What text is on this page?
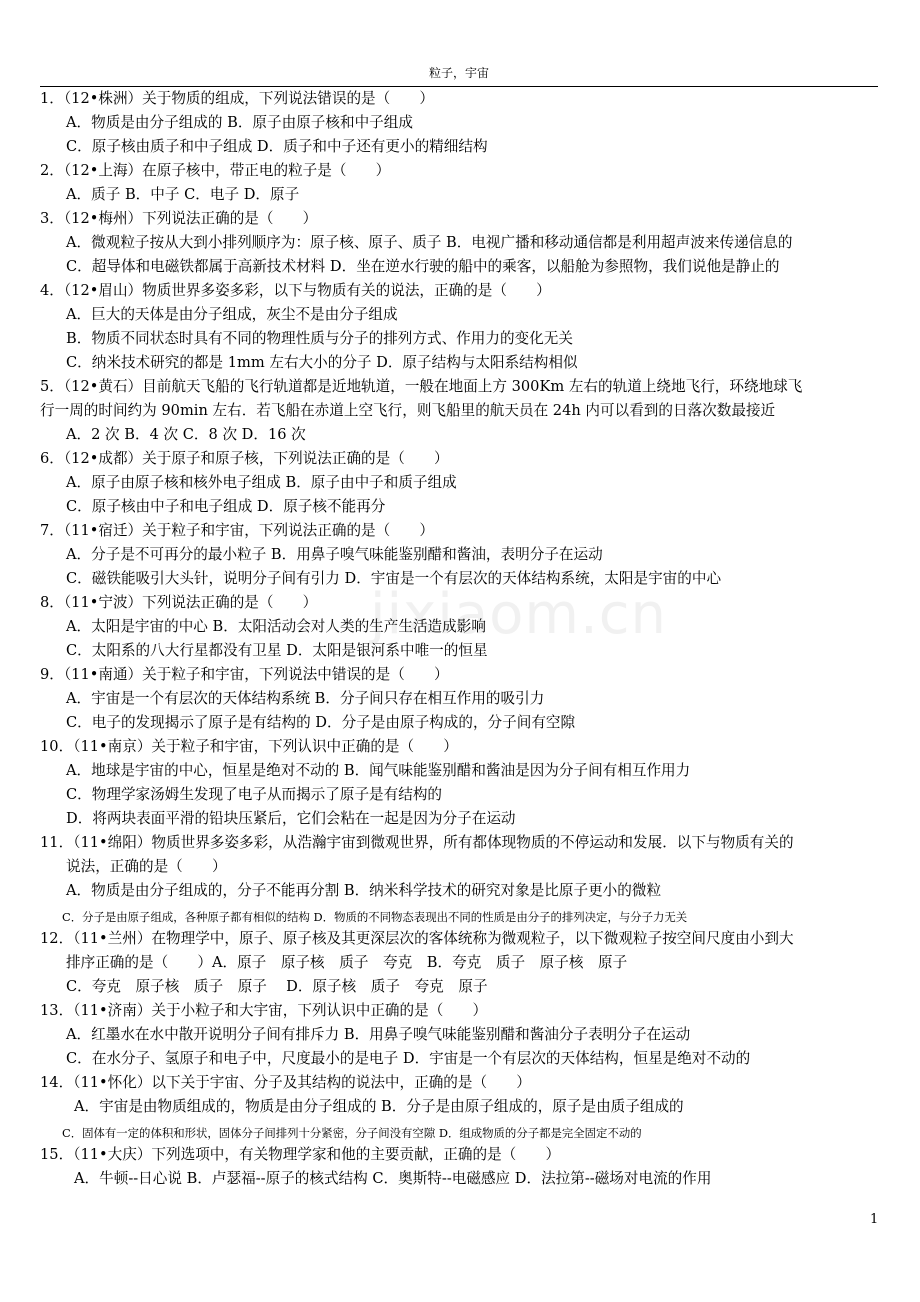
jixiaom.cn
粒子，宇宙
1．（12•株洲）关于物质的组成，下列说法错误的是（　　）
A．物质是由分子组成的 B．原子由原子核和中子组成
C．原子核由质子和中子组成 D．质子和中子还有更小的精细结构
2．（12•上海）在原子核中，带正电的粒子是（　　）
A．质子 B．中子 C．电子 D．原子
3．（12•梅州）下列说法正确的是（　　）
A．微观粒子按从大到小排列顺序为：原子核、原子、质子 B．电视广播和移动通信都是利用超声波来传递信息的
C．超导体和电磁铁都属于高新技术材料 D．坐在逆水行驶的船中的乘客，以船舱为参照物，我们说他是静止的
4．（12•眉山）物质世界多姿多彩，以下与物质有关的说法，正确的是（　　）
A．巨大的天体是由分子组成，灰尘不是由分子组成
B．物质不同状态时具有不同的物理性质与分子的排列方式、作用力的变化无关
C．纳米技术研究的都是 1mm 左右大小的分子 D．原子结构与太阳系结构相似
5．（12•黄石）目前航天飞船的飞行轨道都是近地轨道，一般在地面上方 300Km 左右的轨道上绕地飞行，环绕地球飞
行一周的时间约为 90min 左右．若飞船在赤道上空飞行，则飞船里的航天员在 24h 内可以看到的日落次数最接近
A．2 次 B．4 次 C．8 次 D．16 次
6．（12•成都）关于原子和原子核，下列说法正确的是（　　）
A．原子由原子核和核外电子组成 B．原子由中子和质子组成
C．原子核由中子和电子组成 D．原子核不能再分
7．（11•宿迁）关于粒子和宇宙，下列说法正确的是（　　）
A．分子是不可再分的最小粒子 B．用鼻子嗅气味能鉴别醋和酱油，表明分子在运动
C．磁铁能吸引大头针，说明分子间有引力 D．宇宙是一个有层次的天体结构系统，太阳是宇宙的中心
8．（11•宁波）下列说法正确的是（　　）
A．太阳是宇宙的中心 B．太阳活动会对人类的生产生活造成影响
C．太阳系的八大行星都没有卫星 D．太阳是银河系中唯一的恒星
9．（11•南通）关于粒子和宇宙，下列说法中错误的是（　　）
A．宇宙是一个有层次的天体结构系统 B．分子间只存在相互作用的吸引力
C．电子的发现揭示了原子是有结构的 D．分子是由原子构成的，分子间有空隙
10．（11•南京）关于粒子和宇宙，下列认识中正确的是（　　）
A．地球是宇宙的中心，恒星是绝对不动的 B．闻气味能鉴别醋和酱油是因为分子间有相互作用力
C．物理学家汤姆生发现了电子从而揭示了原子是有结构的
D．将两块表面平滑的铅块压紧后，它们会粘在一起是因为分子在运动
11．（11•绵阳）物质世界多姿多彩，从浩瀚宇宙到微观世界，所有都体现物质的不停运动和发展．以下与物质有关的
说法，正确的是（　　）
A．物质是由分子组成的，分子不能再分割 B．纳米科学技术的研究对象是比原子更小的微粒
C．分子是由原子组成，各种原子都有相似的结构 D．物质的不同物态表现出不同的性质是由分子的排列决定，与分子力无关
12．（11•兰州）在物理学中，原子、原子核及其更深层次的客体统称为微观粒子，以下微观粒子按空间尺度由小到大
排序正确的是（　　）A．原子　原子核　质子　夸克　B．夸克　质子　原子核　原子
C．夸克　原子核　质子　原子　 D．原子核　质子　夸克　原子
13．（11•济南）关于小粒子和大宇宙，下列认识中正确的是（　　）
A．红墨水在水中散开说明分子间有排斥力 B．用鼻子嗅气味能鉴别醋和酱油分子表明分子在运动
C．在水分子、氢原子和电子中，尺度最小的是电子 D．宇宙是一个有层次的天体结构，恒星是绝对不动的
14．（11•怀化）以下关于宇宙、分子及其结构的说法中，正确的是（　　）
A．宇宙是由物质组成的，物质是由分子组成的 B．分子是由原子组成的，原子是由质子组成的
C．固体有一定的体积和形状，固体分子间排列十分紧密，分子间没有空隙 D．组成物质的分子都是完全固定不动的
15．（11•大庆）下列选项中，有关物理学家和他的主要贡献，正确的是（　　）
A．牛顿--日心说 B．卢瑟福--原子的核式结构 C．奥斯特--电磁感应 D．法拉第--磁场对电流的作用
1
